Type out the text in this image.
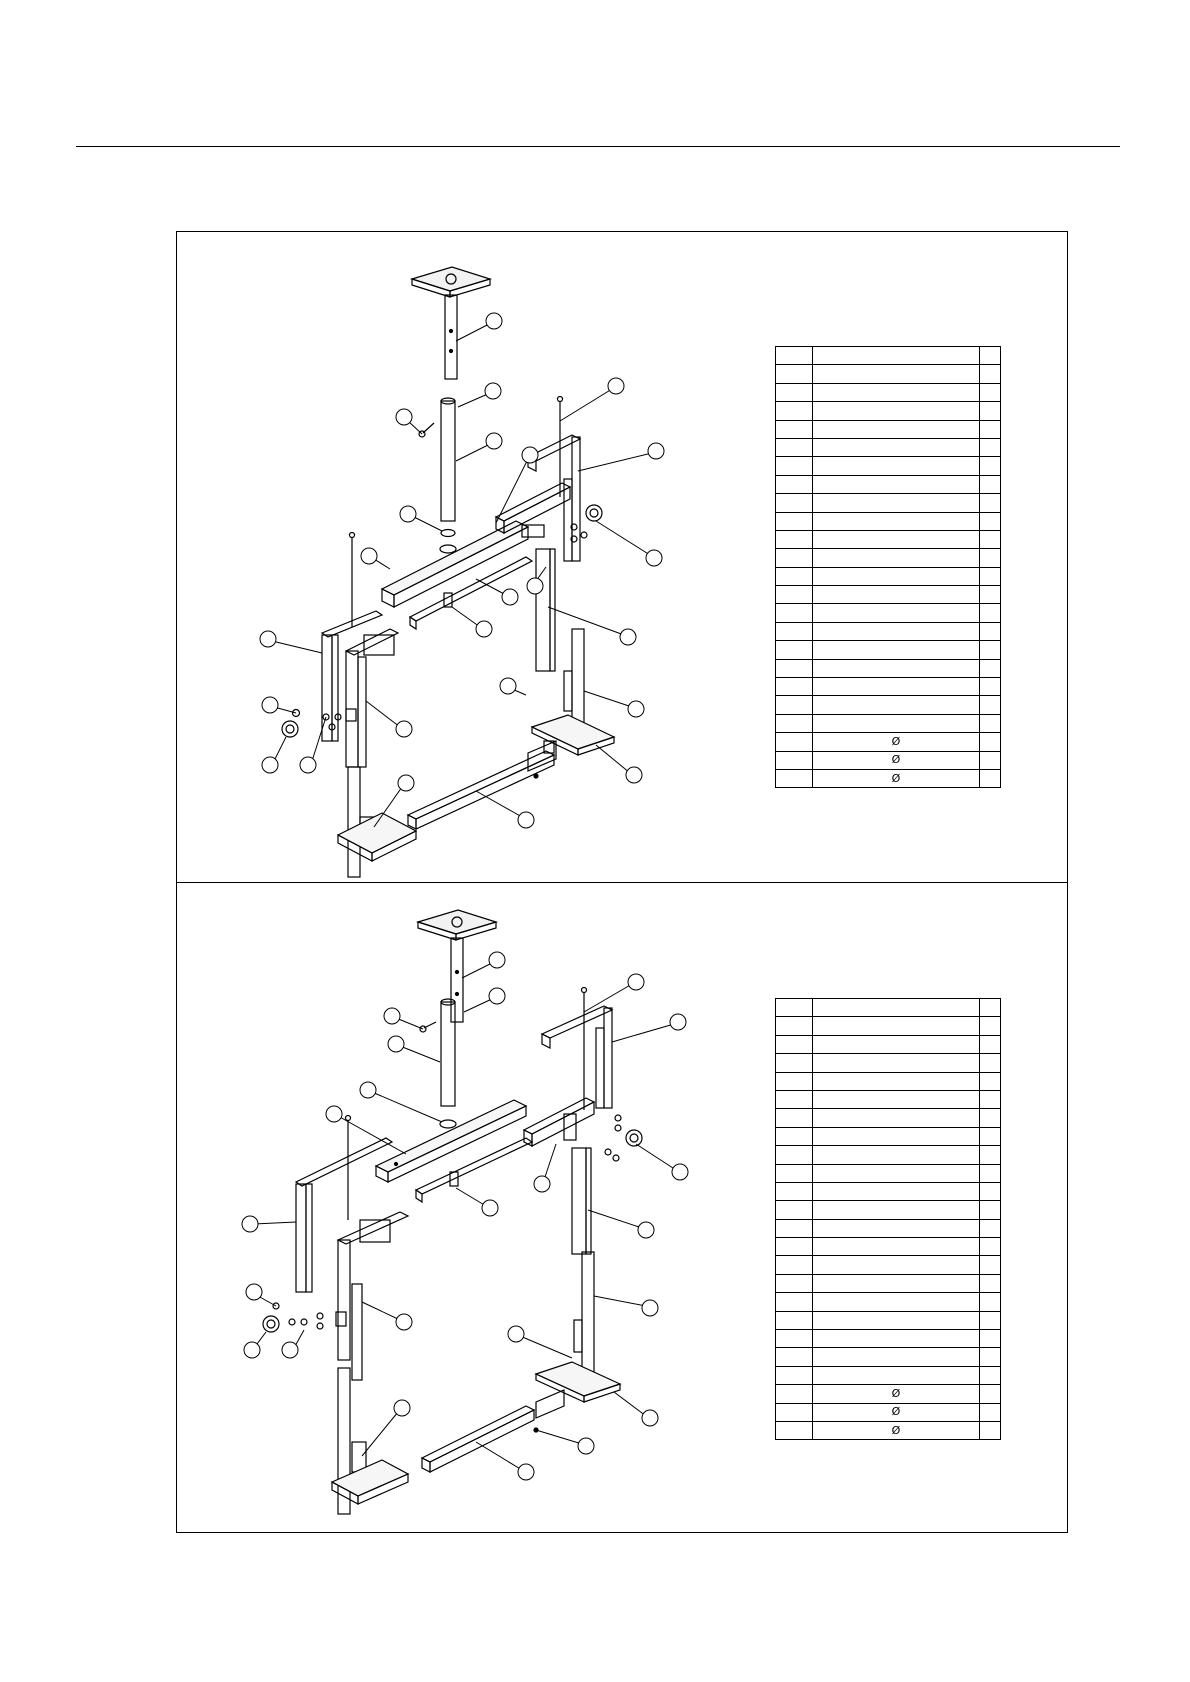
	Ø	
	Ø	
	Ø	

	Ø	
	Ø	
	Ø	
